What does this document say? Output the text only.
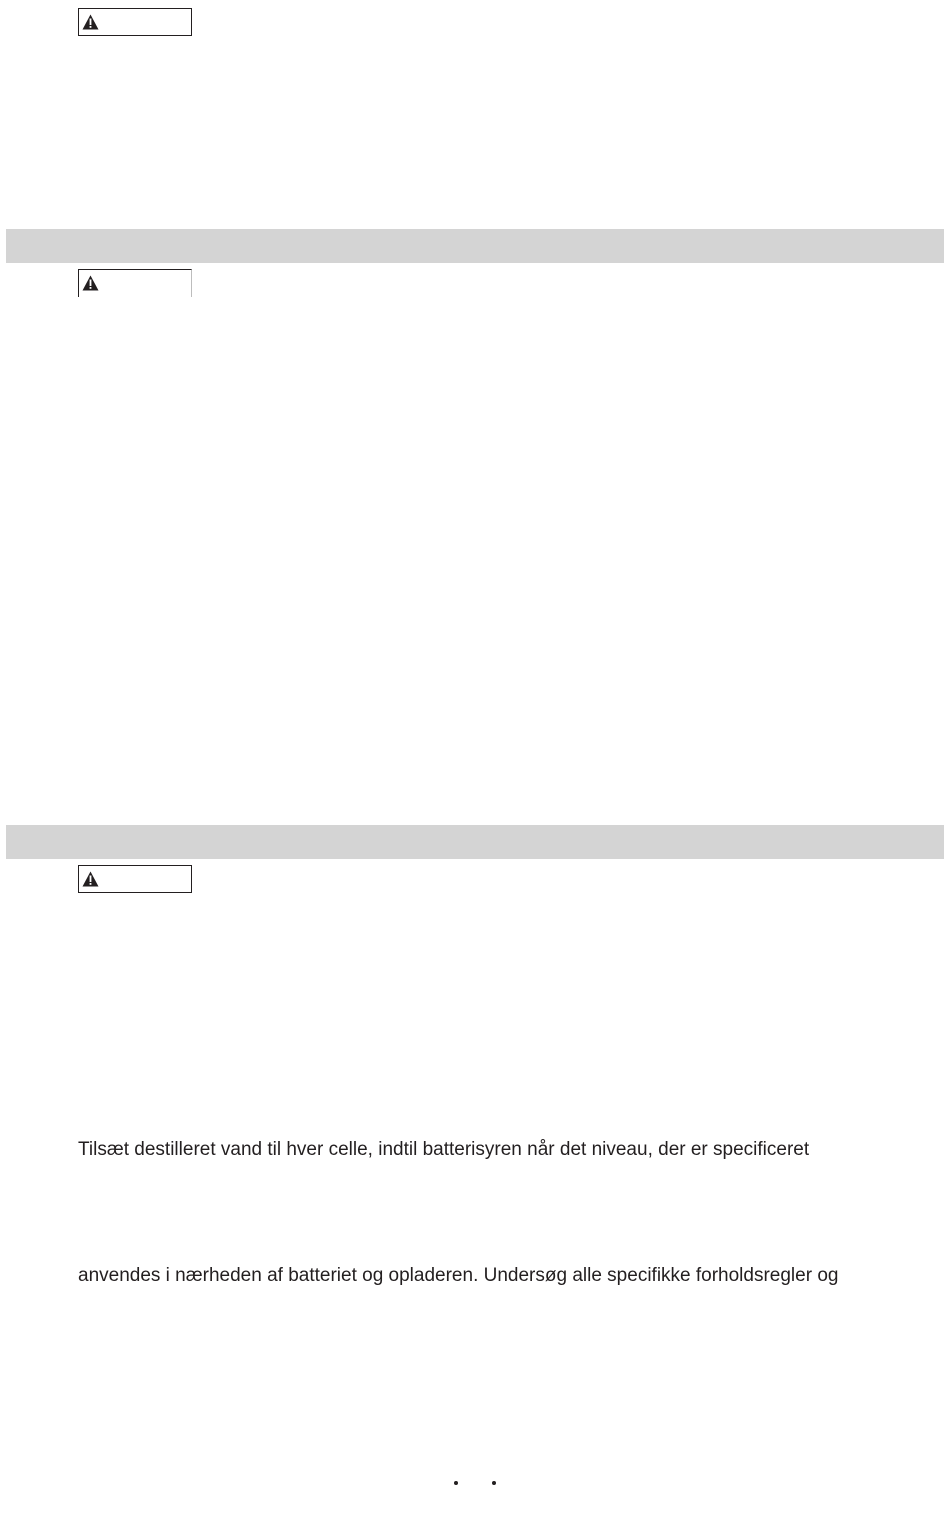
Tilsæt destilleret vand til hver celle, indtil batterisyren når det niveau, der er specificeret

anvendes i nærheden af batteriet og opladeren. Undersøg alle specifikke forholdsregler og
